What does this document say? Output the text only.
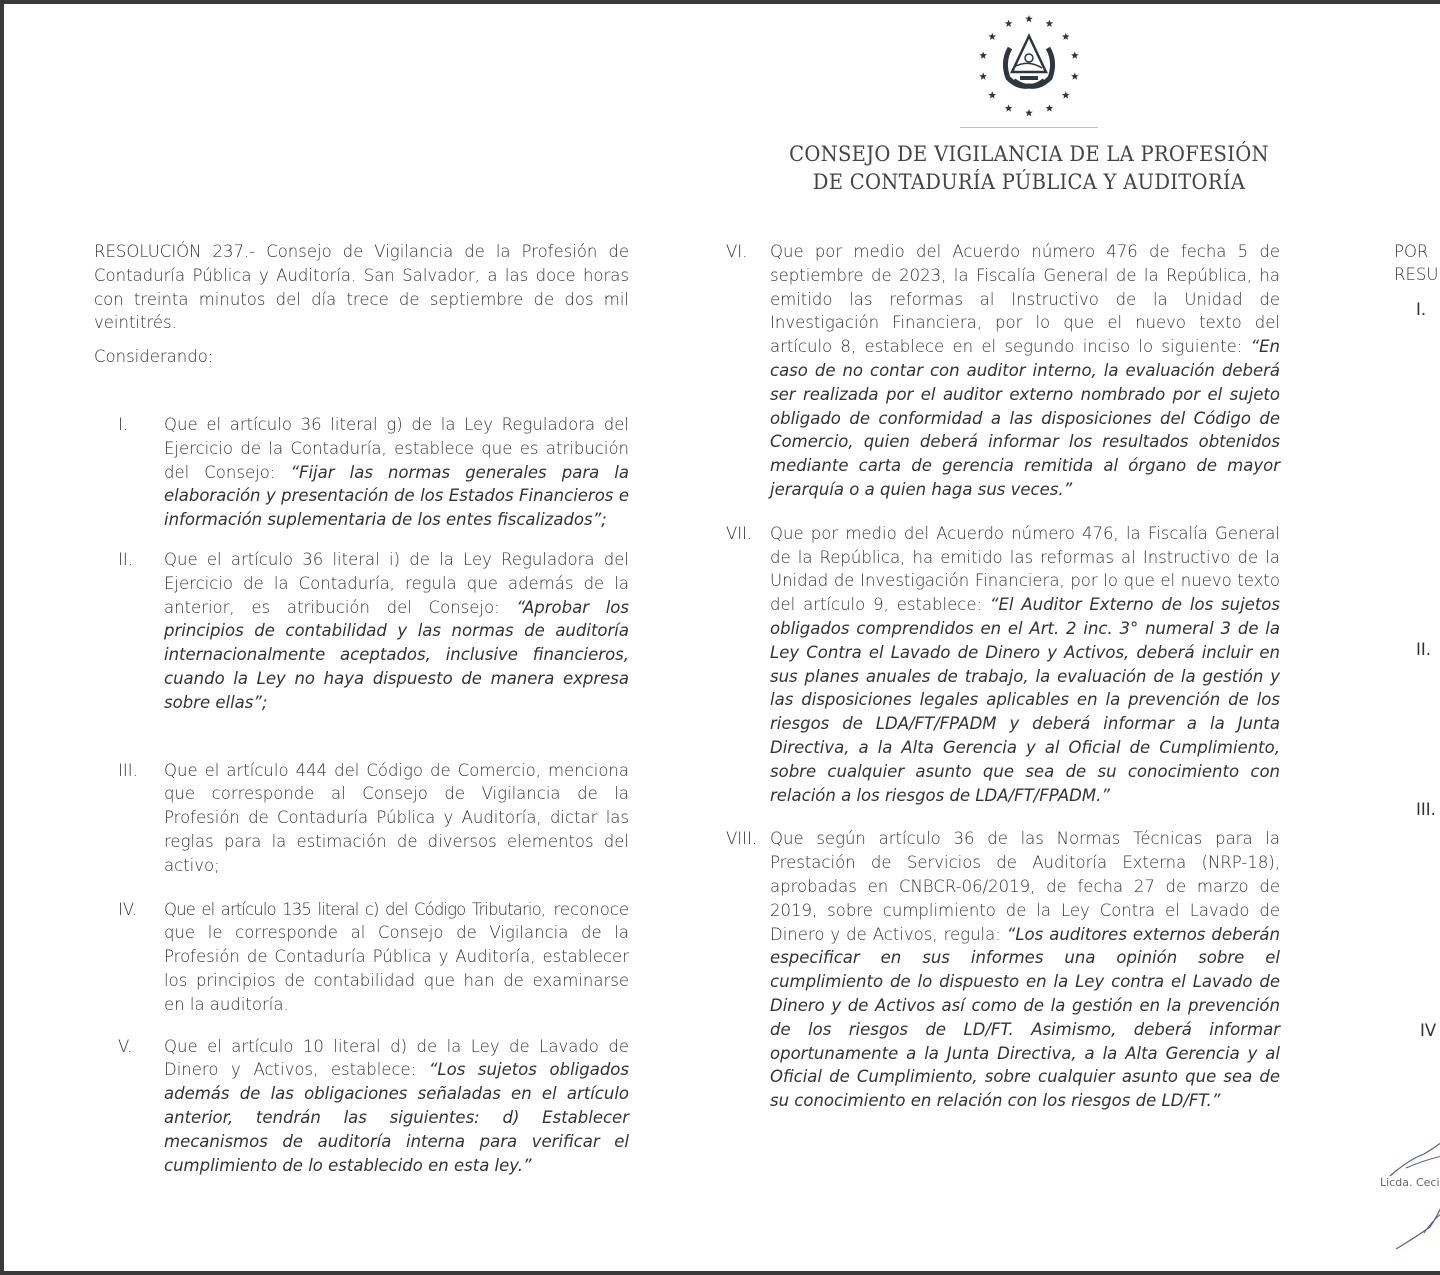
CONSEJO DE VIGILANCIA DE LA PROFESIÓN
DE CONTADURÍA PÚBLICA Y AUDITORÍA

RESOLUCIÓN 237.- Consejo de Vigilancia de la Profesión de Contaduría Pública y Auditoría. San Salvador, a las doce horas con treinta minutos del día trece de septiembre de dos mil veintitrés.

Considerando:

I.	Que el artículo 36 literal g) de la Ley Reguladora del Ejercicio de la Contaduría, establece que es atribución del Consejo: “Fijar las normas generales para la elaboración y presentación de los Estados Financieros e información suplementaria de los entes fiscalizados”;

II.	Que el artículo 36 literal i) de la Ley Reguladora del Ejercicio de la Contaduría, regula que además de la anterior, es atribución del Consejo: “Aprobar los principios de contabilidad y las normas de auditoría internacionalmente aceptados, inclusive financieros, cuando la Ley no haya dispuesto de manera expresa sobre ellas”;

III.	Que el artículo 444 del Código de Comercio, menciona que corresponde al Consejo de Vigilancia de la Profesión de Contaduría Pública y Auditoría, dictar las reglas para la estimación de diversos elementos del activo;

IV.	Que el artículo 135 literal c) del Código Tributario, reconoce que le corresponde al Consejo de Vigilancia de la Profesión de Contaduría Pública y Auditoría, establecer los principios de contabilidad que han de examinarse en la auditoría.

V.	Que el artículo 10 literal d) de la Ley de Lavado de Dinero y Activos, establece: “Los sujetos obligados además de las obligaciones señaladas en el artículo anterior, tendrán las siguientes: d) Establecer mecanismos de auditoría interna para verificar el cumplimiento de lo establecido en esta ley.”

VI.	Que por medio del Acuerdo número 476 de fecha 5 de septiembre de 2023, la Fiscalía General de la República, ha emitido las reformas al Instructivo de la Unidad de Investigación Financiera, por lo que el nuevo texto del artículo 8, establece en el segundo inciso lo siguiente: “En caso de no contar con auditor interno, la evaluación deberá ser realizada por el auditor externo nombrado por el sujeto obligado de conformidad a las disposiciones del Código de Comercio, quien deberá informar los resultados obtenidos mediante carta de gerencia remitida al órgano de mayor jerarquía o a quien haga sus veces.”

VII.	Que por medio del Acuerdo número 476, la Fiscalía General de la República, ha emitido las reformas al Instructivo de la Unidad de Investigación Financiera, por lo que el nuevo texto del artículo 9, establece: “El Auditor Externo de los sujetos obligados comprendidos en el Art. 2 inc. 3° numeral 3 de la Ley Contra el Lavado de Dinero y Activos, deberá incluir en sus planes anuales de trabajo, la evaluación de la gestión y las disposiciones legales aplicables en la prevención de los riesgos de LDA/FT/FPADM y deberá informar a la Junta Directiva, a la Alta Gerencia y al Oficial de Cumplimiento, sobre cualquier asunto que sea de su conocimiento con relación a los riesgos de LDA/FT/FPADM.”

VIII. Que según artículo 36 de las Normas Técnicas para la Prestación de Servicios de Auditoría Externa (NRP-18), aprobadas en CNBCR-06/2019, de fecha 27 de marzo de 2019, sobre cumplimiento de la Ley Contra el Lavado de Dinero y de Activos, regula: “Los auditores externos deberán especificar en sus informes una opinión sobre el cumplimiento de lo dispuesto en la Ley contra el Lavado de Dinero y de Activos así como de la gestión en la prevención de los riesgos de LD/FT. Asimismo, deberá informar oportunamente a la Junta Directiva, a la Alta Gerencia y al Oficial de Cumplimiento, sobre cualquier asunto que sea de su conocimiento en relación con los riesgos de LD/FT.”

POR

RESU

I.
II.
III.
IV
Licda. Ceci
